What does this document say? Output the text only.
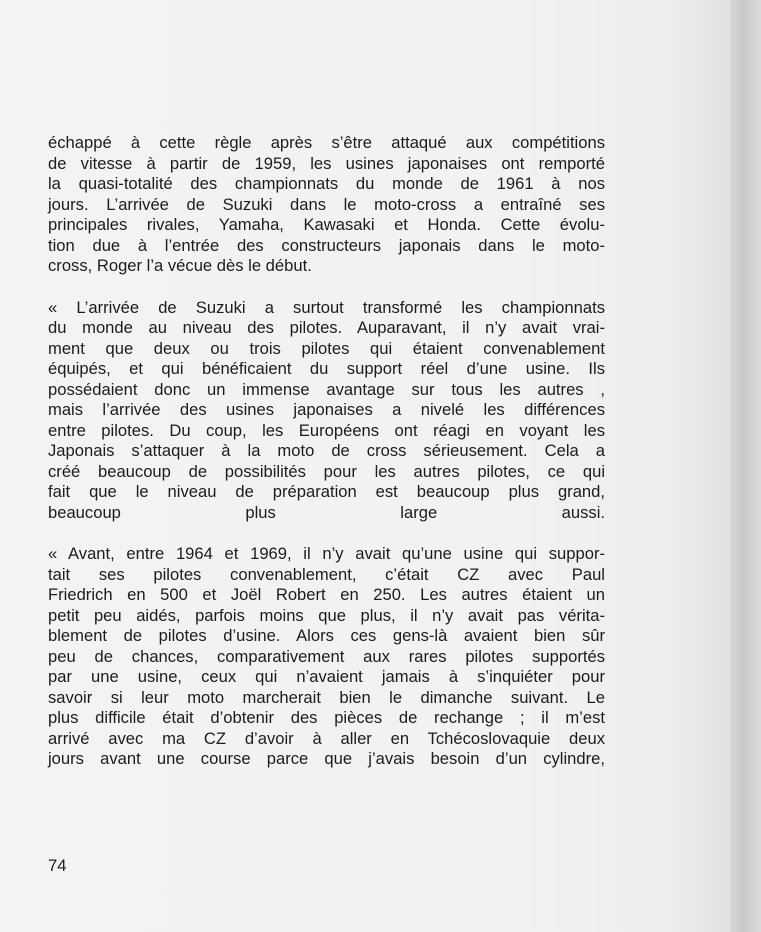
échappé à cette règle après s’être attaqué aux compétitions
de vitesse à partir de 1959, les usines japonaises ont remporté
la quasi-totalité des championnats du monde de 1961 à nos
jours. L’arrivée de Suzuki dans le moto-cross a entraîné ses
principales rivales, Yamaha, Kawasaki et Honda. Cette évolu-
tion due à l’entrée des constructeurs japonais dans le moto-
cross, Roger l’a vécue dès le début.

« L’arrivée de Suzuki a surtout transformé les championnats
du monde au niveau des pilotes. Auparavant, il n’y avait vrai-
ment que deux ou trois pilotes qui étaient convenablement
équipés, et qui bénéficaient du support réel d’une usine. Ils
possédaient donc un immense avantage sur tous les autres ,
mais l’arrivée des usines japonaises a nivelé les différences
entre pilotes. Du coup, les Européens ont réagi en voyant les
Japonais s’attaquer à la moto de cross sérieusement. Cela a
créé beaucoup de possibilités pour les autres pilotes, ce qui
fait que le niveau de préparation est beaucoup plus grand,
beaucoup plus large aussi.

« Avant, entre 1964 et 1969, il n’y avait qu’une usine qui suppor-
tait ses pilotes convenablement, c’était CZ avec Paul
Friedrich en 500 et Joël Robert en 250. Les autres étaient un
petit peu aidés, parfois moins que plus, il n’y avait pas vérita-
blement de pilotes d’usine. Alors ces gens-là avaient bien sûr
peu de chances, comparativement aux rares pilotes supportés
par une usine, ceux qui n’avaient jamais à s’inquiéter pour
savoir si leur moto marcherait bien le dimanche suivant. Le
plus difficile était d’obtenir des pièces de rechange ; il m’est
arrivé avec ma CZ d’avoir à aller en Tchécoslovaquie deux
jours avant une course parce que j’avais besoin d’un cylindre,

74
